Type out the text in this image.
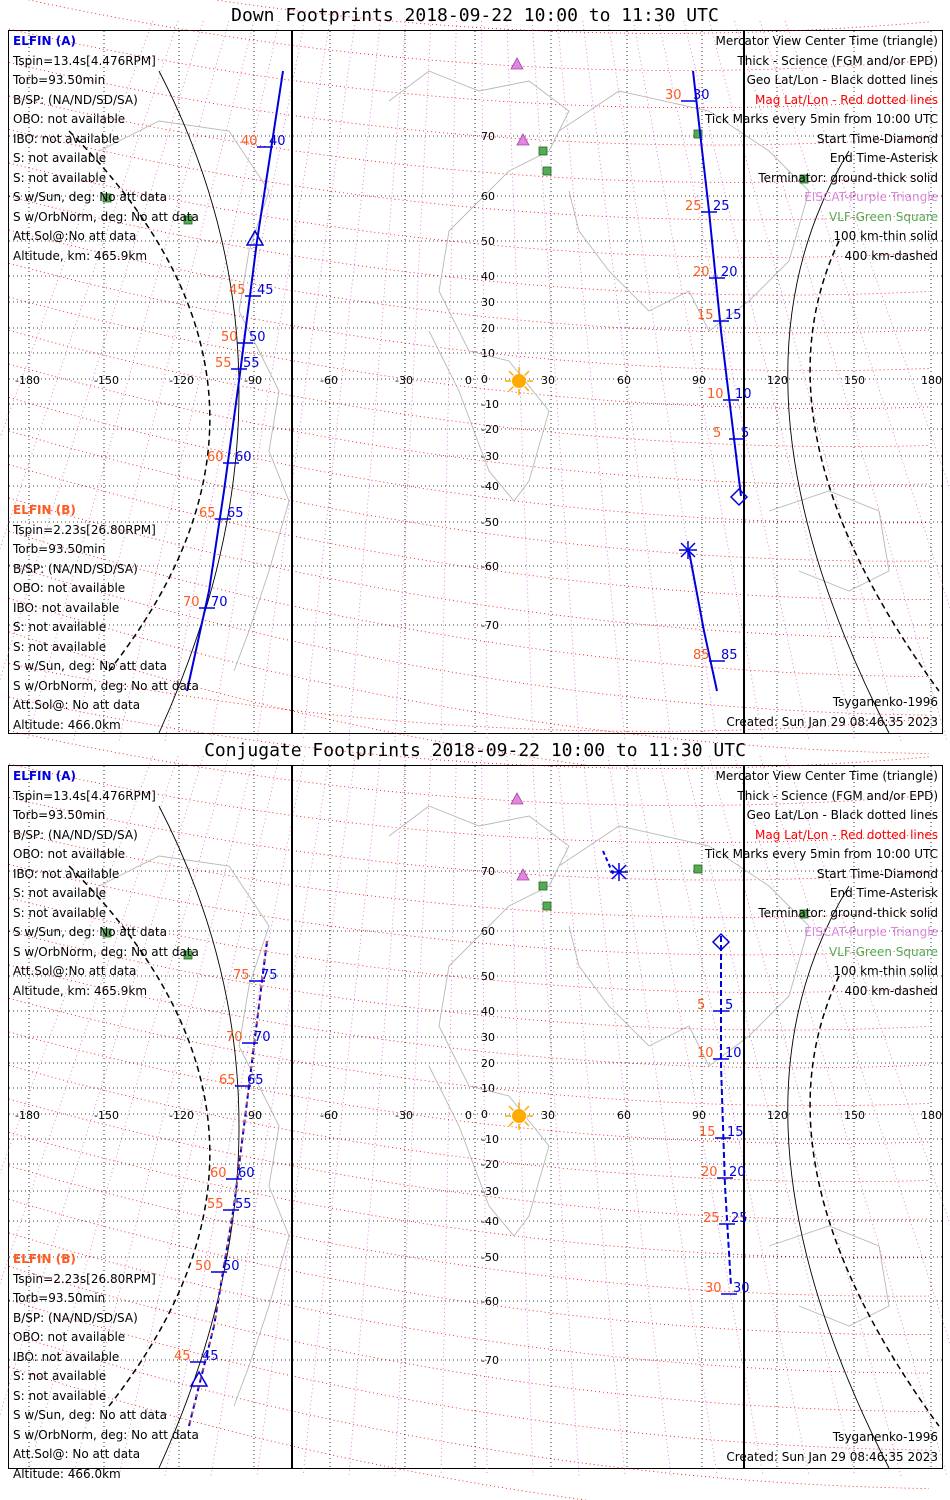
Down Footprints 2018-09-22 10:00 to 11:30 UTC
-180	-150	-120	-90	-60	-30	0	30	60	90	120	150	180
70
60
50
40
30
20
10
0
-10
-20
-30
-40
-50
-60
-70
40 40
45 45
50 50
55 55
60 60
65 65
70 70
30 30
25 25
20 20
15 15
10 10
5 5
85 85
ELFIN (A)
Tspin=13.4s[4.476RPM]
Torb=93.50min
B/SP: (NA/ND/SD/SA)
OBO: not available
IBO: not available
S: not available
S: not available
S w/Sun, deg: No att data
S w/OrbNorm, deg: No att data
Att.Sol@:No att data
Altitude, km: 465.9km
ELFIN (B)
Tspin=2.23s[26.80RPM]
Torb=93.50min
B/SP: (NA/ND/SD/SA)
OBO: not available
IBO: not available
S: not available
S: not available
S w/Sun, deg: No att data
S w/OrbNorm, deg: No att data
Att.Sol@: No att data
Altitude: 466.0km
Mercator View Center Time (triangle)
Thick - Science (FGM and/or EPD)
Geo Lat/Lon - Black dotted lines
Mag Lat/Lon - Red dotted lines
Tick Marks every 5min from 10:00 UTC
Start Time-Diamond
End Time-Asterisk
Terminator: ground-thick solid
EISCAT-Purple Triangle
VLF-Green Square
100 km-thin solid
400 km-dashed
Tsyganenko-1996
Created: Sun Jan 29 08:46:35 2023
Conjugate Footprints 2018-09-22 10:00 to 11:30 UTC
-180	-150	-120	-90	-60	-30	0	30	60	90	120	150	180
70
60
50
40
30
20
10
0
-10
-20
-30
-40
-50
-60
-70
75 75
70 70
65 65
60 60
55 55
50 50
45 45
5 5
10 10
15 15
20 20
25 25
30 30
ELFIN (A)
Tspin=13.4s[4.476RPM]
Torb=93.50min
B/SP: (NA/ND/SD/SA)
OBO: not available
IBO: not available
S: not available
S: not available
S w/Sun, deg: No att data
S w/OrbNorm, deg: No att data
Att.Sol@:No att data
Altitude, km: 465.9km
ELFIN (B)
Tspin=2.23s[26.80RPM]
Torb=93.50min
B/SP: (NA/ND/SD/SA)
OBO: not available
IBO: not available
S: not available
S: not available
S w/Sun, deg: No att data
S w/OrbNorm, deg: No att data
Att.Sol@: No att data
Altitude: 466.0km
Mercator View Center Time (triangle)
Thick - Science (FGM and/or EPD)
Geo Lat/Lon - Black dotted lines
Mag Lat/Lon - Red dotted lines
Tick Marks every 5min from 10:00 UTC
Start Time-Diamond
End Time-Asterisk
Terminator: ground-thick solid
EISCAT-Purple Triangle
VLF-Green Square
100 km-thin solid
400 km-dashed
Tsyganenko-1996
Created: Sun Jan 29 08:46:35 2023
